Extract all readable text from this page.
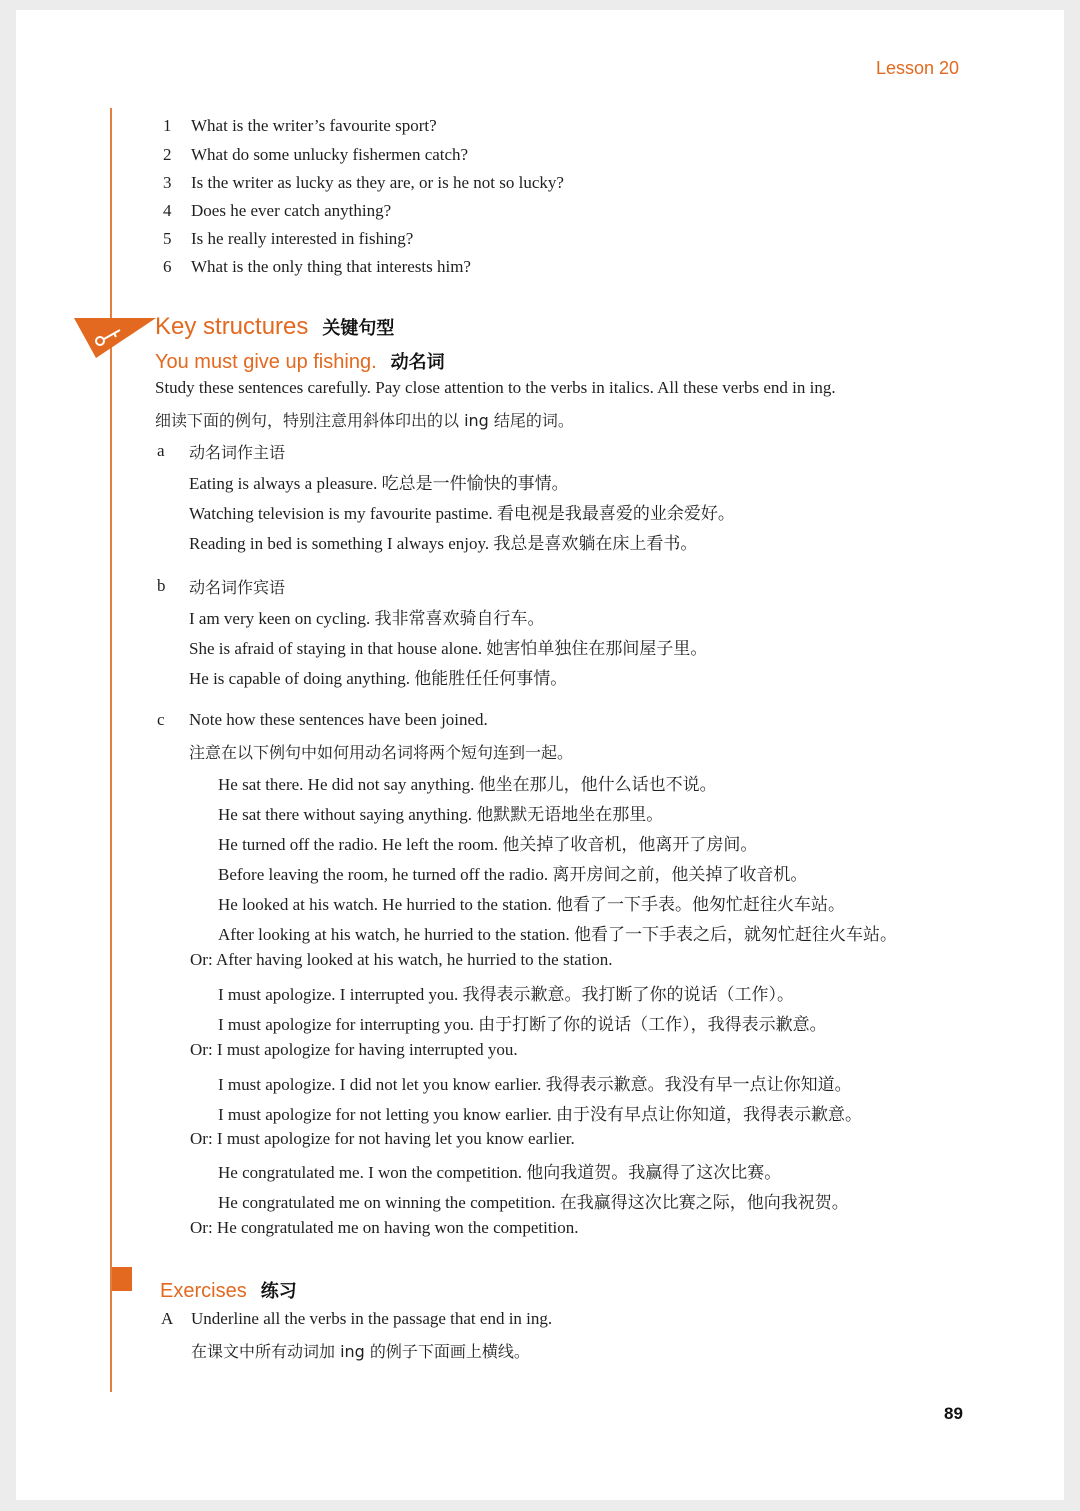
Lesson 20
1 What is the writer’s favourite sport?
2 What do some unlucky fishermen catch?
3 Is the writer as lucky as they are, or is he not so lucky?
4 Does he ever catch anything?
5 Is he really interested in fishing?
6 What is the only thing that interests him?
Key structures 关键句型
You must give up fishing. 动名词
Study these sentences carefully. Pay close attention to the verbs in italics. All these verbs end in ing.
细读下面的例句，特别注意用斜体印出的以 ing 结尾的词。
a 动名词作主语
Eating is always a pleasure. 吃总是一件愉快的事情。
Watching television is my favourite pastime. 看电视是我最喜爱的业余爱好。
Reading in bed is something I always enjoy. 我总是喜欢躺在床上看书。
b 动名词作宾语
I am very keen on cycling. 我非常喜欢骑自行车。
She is afraid of staying in that house alone. 她害怕单独住在那间屋子里。
He is capable of doing anything. 他能胜任任何事情。
c Note how these sentences have been joined.
注意在以下例句中如何用动名词将两个短句连到一起。
He sat there. He did not say anything. 他坐在那儿，他什么话也不说。
He sat there without saying anything. 他默默无语地坐在那里。
He turned off the radio. He left the room. 他关掉了收音机，他离开了房间。
Before leaving the room, he turned off the radio. 离开房间之前，他关掉了收音机。
He looked at his watch. He hurried to the station. 他看了一下手表。他匆忙赶往火车站。
After looking at his watch, he hurried to the station. 他看了一下手表之后，就匆忙赶往火车站。
Or: After having looked at his watch, he hurried to the station.
I must apologize. I interrupted you. 我得表示歉意。我打断了你的说话（工作）。
I must apologize for interrupting you. 由于打断了你的说话（工作），我得表示歉意。
Or: I must apologize for having interrupted you.
I must apologize. I did not let you know earlier. 我得表示歉意。我没有早一点让你知道。
I must apologize for not letting you know earlier. 由于没有早点让你知道，我得表示歉意。
Or: I must apologize for not having let you know earlier.
He congratulated me. I won the competition. 他向我道贺。我赢得了这次比赛。
He congratulated me on winning the competition. 在我赢得这次比赛之际，他向我祝贺。
Or: He congratulated me on having won the competition.
Exercises 练习
A Underline all the verbs in the passage that end in ing.
在课文中所有动词加 ing 的例子下面画上横线。
89
